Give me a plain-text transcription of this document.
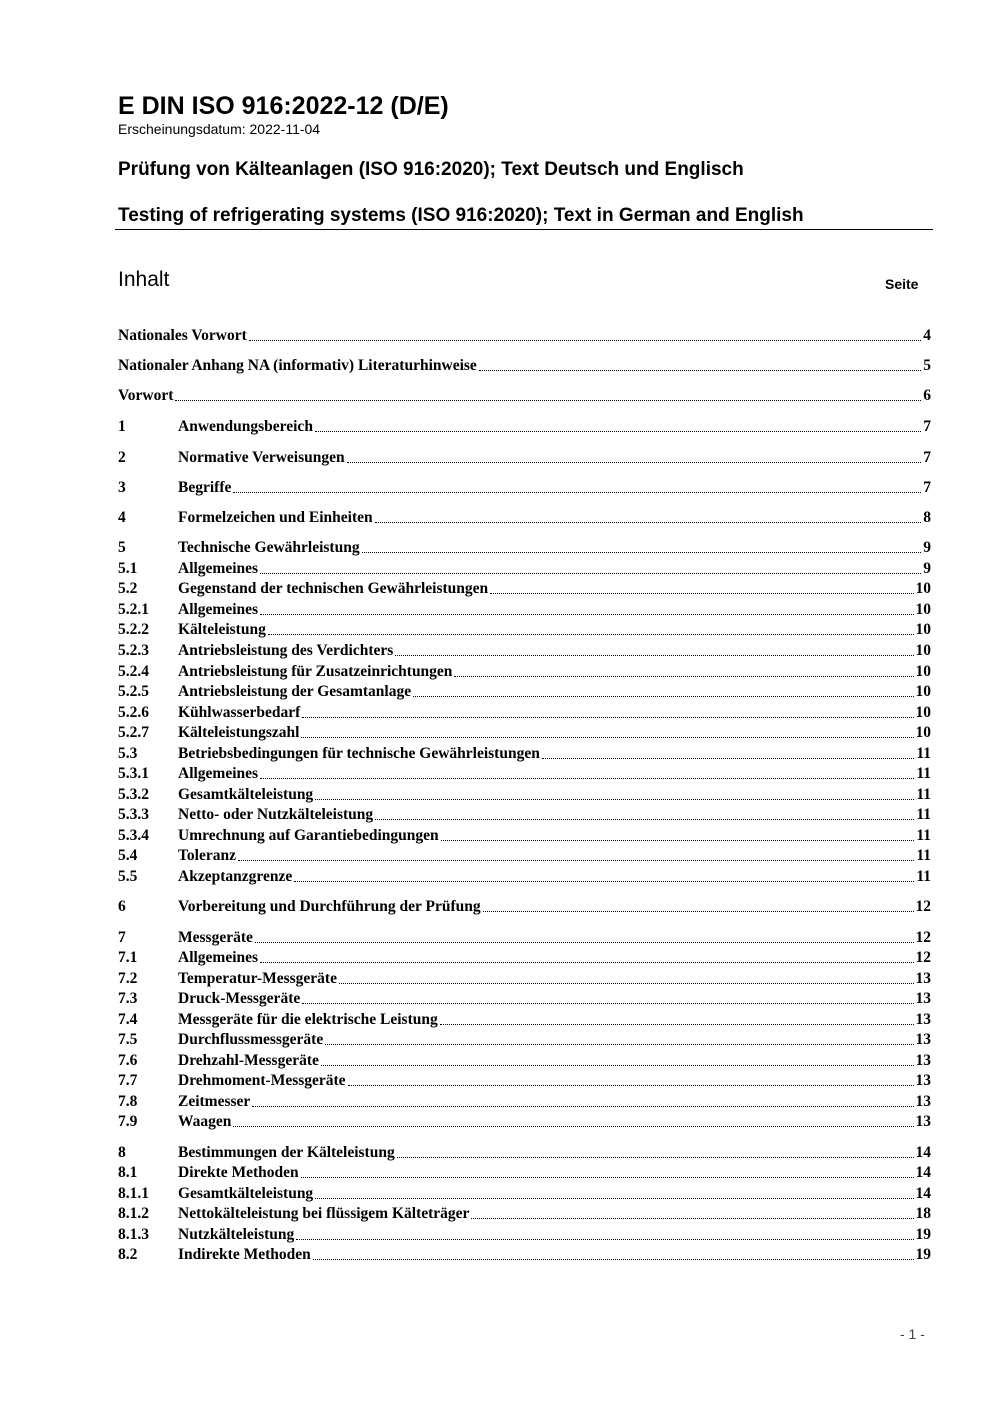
E DIN ISO 916:2022-12 (D/E)
Erscheinungsdatum: 2022-11-04
Prüfung von Kälteanlagen (ISO 916:2020); Text Deutsch und Englisch
Testing of refrigerating systems (ISO 916:2020); Text in German and English
Inhalt	Seite
Nationales Vorwort	4
Nationaler Anhang NA (informativ) Literaturhinweise	5
Vorwort	6
1	Anwendungsbereich	7
2	Normative Verweisungen	7
3	Begriffe	7
4	Formelzeichen und Einheiten	8
5	Technische Gewährleistung	9
5.1	Allgemeines	9
5.2	Gegenstand der technischen Gewährleistungen	10
5.2.1	Allgemeines	10
5.2.2	Kälteleistung	10
5.2.3	Antriebsleistung des Verdichters	10
5.2.4	Antriebsleistung für Zusatzeinrichtungen	10
5.2.5	Antriebsleistung der Gesamtanlage	10
5.2.6	Kühlwasserbedarf	10
5.2.7	Kälteleistungszahl	10
5.3	Betriebsbedingungen für technische Gewährleistungen	11
5.3.1	Allgemeines	11
5.3.2	Gesamtkälteleistung	11
5.3.3	Netto- oder Nutzkälteleistung	11
5.3.4	Umrechnung auf Garantiebedingungen	11
5.4	Toleranz	11
5.5	Akzeptanzgrenze	11
6	Vorbereitung und Durchführung der Prüfung	12
7	Messgeräte	12
7.1	Allgemeines	12
7.2	Temperatur-Messgeräte	13
7.3	Druck-Messgeräte	13
7.4	Messgeräte für die elektrische Leistung	13
7.5	Durchflussmessgeräte	13
7.6	Drehzahl-Messgeräte	13
7.7	Drehmoment-Messgeräte	13
7.8	Zeitmesser	13
7.9	Waagen	13
8	Bestimmungen der Kälteleistung	14
8.1	Direkte Methoden	14
8.1.1	Gesamtkälteleistung	14
8.1.2	Nettokälteleistung bei flüssigem Kälteträger	18
8.1.3	Nutzkälteleistung	19
8.2	Indirekte Methoden	19
- 1 -
